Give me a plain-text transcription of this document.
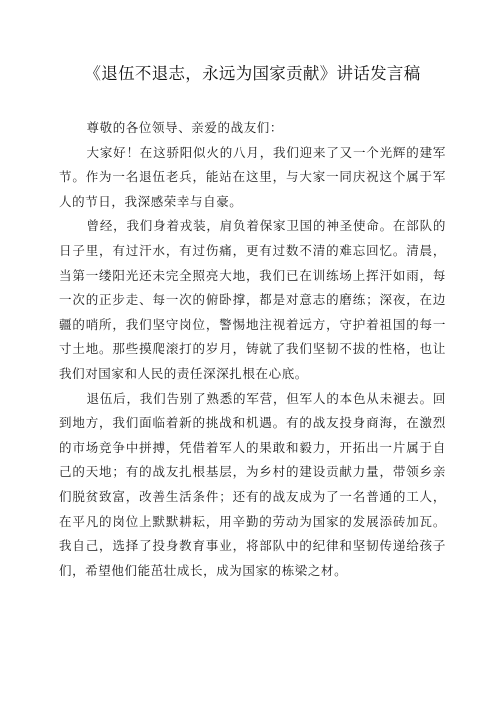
《退伍不退志，永远为国家贡献》讲话发言稿

尊敬的各位领导、亲爱的战友们：

大家好！在这骄阳似火的八月，我们迎来了又一个光辉的建军节。作为一名退伍老兵，能站在这里，与大家一同庆祝这个属于军人的节日，我深感荣幸与自豪。

曾经，我们身着戎装，肩负着保家卫国的神圣使命。在部队的日子里，有过汗水，有过伤痛，更有过数不清的难忘回忆。清晨，当第一缕阳光还未完全照亮大地，我们已在训练场上挥汗如雨，每一次的正步走、每一次的俯卧撑，都是对意志的磨练；深夜，在边疆的哨所，我们坚守岗位，警惕地注视着远方，守护着祖国的每一寸土地。那些摸爬滚打的岁月，铸就了我们坚韧不拔的性格，也让我们对国家和人民的责任深深扎根在心底。

退伍后，我们告别了熟悉的军营，但军人的本色从未褪去。回到地方，我们面临着新的挑战和机遇。有的战友投身商海，在激烈的市场竞争中拼搏，凭借着军人的果敢和毅力，开拓出一片属于自己的天地；有的战友扎根基层，为乡村的建设贡献力量，带领乡亲们脱贫致富，改善生活条件；还有的战友成为了一名普通的工人，在平凡的岗位上默默耕耘，用辛勤的劳动为国家的发展添砖加瓦。我自己，选择了投身教育事业，将部队中的纪律和坚韧传递给孩子们，希望他们能茁壮成长，成为国家的栋梁之材。
